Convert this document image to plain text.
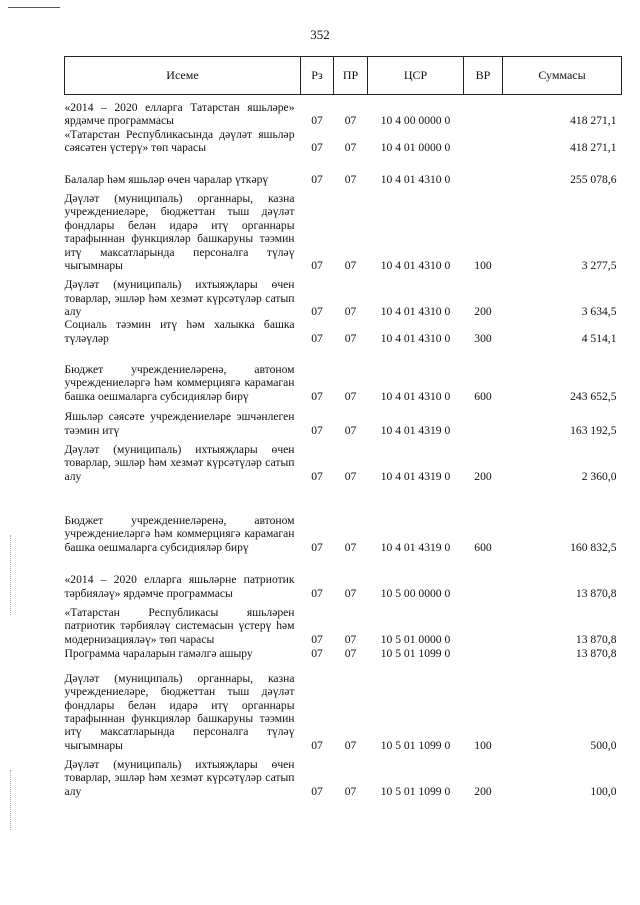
352
Исеме	Рз	ПР	ЦСР	ВР	Суммасы
«2014 – 2020 елларга Татарстан яшьләре» ярдәмче программасы	07	07	10 4 00 0000 0		418 271,1
«Татарстан Республикасында дәүләт яшьләр сәясәтен үстерү» төп чарасы	07	07	10 4 01 0000 0		418 271,1
Балалар һәм яшьләр өчен чаралар үткәрү	07	07	10 4 01 4310 0		255 078,6
Дәүләт (муниципаль) органнары, казна учреждениеләре, бюджеттан тыш дәүләт фондлары белән идарә итү органнары тарафыннан функцияләр башкаруны тәэмин итү максатларында персоналга түләү чыгымнары	07	07	10 4 01 4310 0	100	3 277,5
Дәүләт (муниципаль) ихтыяҗлары өчен товарлар, эшләр һәм хезмәт күрсәтүләр сатып алу	07	07	10 4 01 4310 0	200	3 634,5
Социаль тәэмин итү һәм халыкка башка түләүләр	07	07	10 4 01 4310 0	300	4 514,1
Бюджет учреждениеләренә, автоном учреждениеләргә һәм коммерциягә карамаган башка оешмаларга субсидияләр бирү	07	07	10 4 01 4310 0	600	243 652,5
Яшьләр сәясәте учреждениеләре эшчәнлеген тәэмин итү	07	07	10 4 01 4319 0		163 192,5
Дәүләт (муниципаль) ихтыяҗлары өчен товарлар, эшләр һәм хезмәт күрсәтүләр сатып алу	07	07	10 4 01 4319 0	200	2 360,0
Бюджет учреждениеләренә, автоном учреждениеләргә һәм коммерциягә карамаган башка оешмаларга субсидияләр бирү	07	07	10 4 01 4319 0	600	160 832,5
«2014 – 2020 елларга яшьләрне патриотик тәрбияләү» ярдәмче программасы	07	07	10 5 00 0000 0		13 870,8
«Татарстан Республикасы яшьләрен патриотик тәрбияләү системасын үстерү һәм модернизацияләү» төп чарасы	07	07	10 5 01 0000 0		13 870,8
Программа чараларын гамәлгә ашыру	07	07	10 5 01 1099 0		13 870,8
Дәүләт (муниципаль) органнары, казна учреждениеләре, бюджеттан тыш дәүләт фондлары белән идарә итү органнары тарафыннан функцияләр башкаруны тәэмин итү максатларында персоналга түләү чыгымнары	07	07	10 5 01 1099 0	100	500,0
Дәүләт (муниципаль) ихтыяҗлары өчен товарлар, эшләр һәм хезмәт күрсәтүләр сатып алу	07	07	10 5 01 1099 0	200	100,0
